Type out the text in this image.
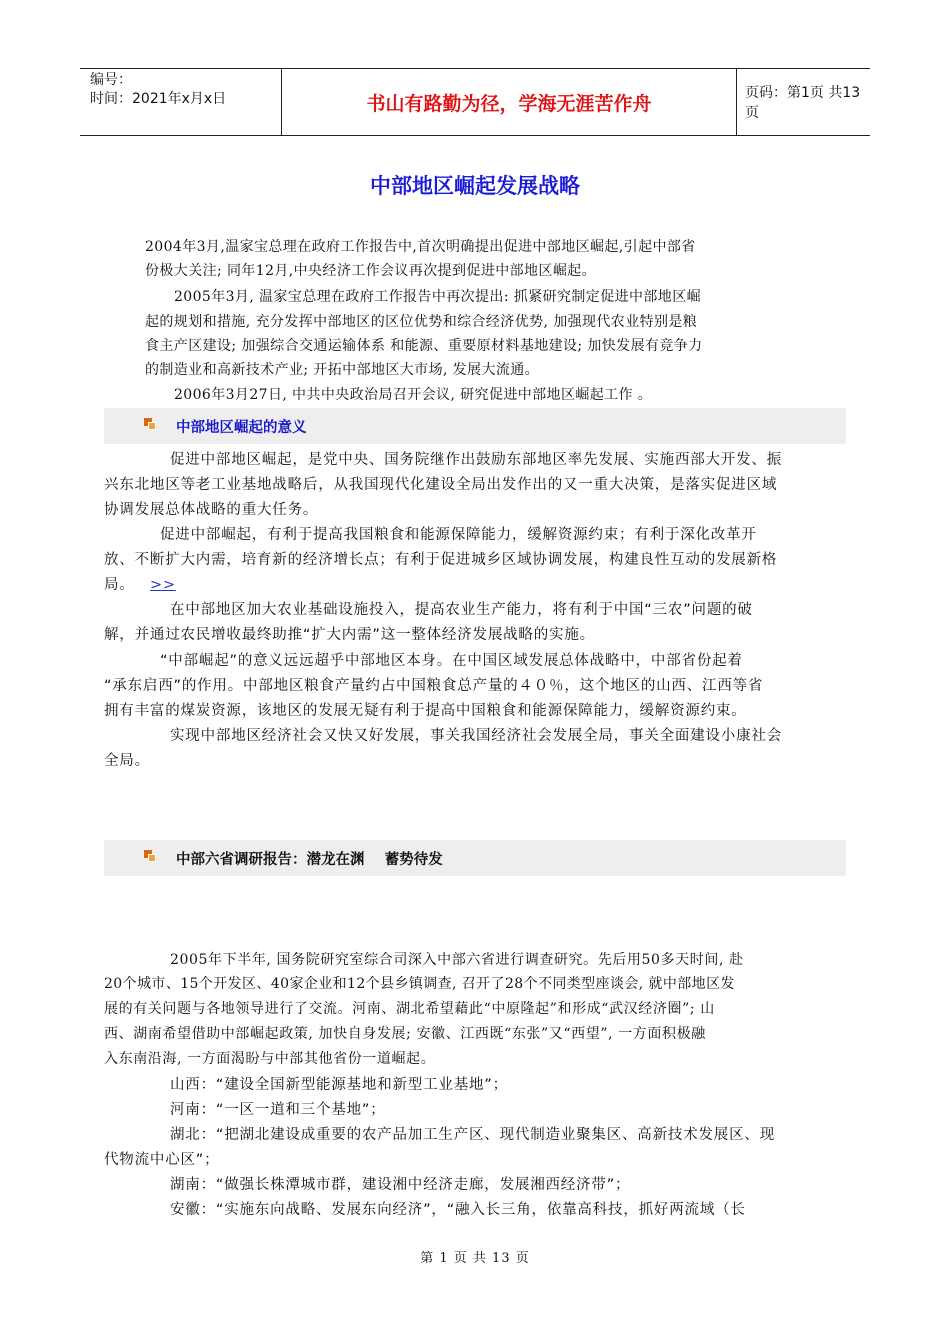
编号：
时间：2021年x月x日	书山有路勤为径，学海无涯苦作舟	页码：第1页 共13页
中部地区崛起发展战略
2004年3月,温家宝总理在政府工作报告中,首次明确提出促进中部地区崛起,引起中部省
份极大关注; 同年12月,中央经济工作会议再次提到促进中部地区崛起。
2005年3月, 温家宝总理在政府工作报告中再次提出: 抓紧研究制定促进中部地区崛
起的规划和措施, 充分发挥中部地区的区位优势和综合经济优势, 加强现代农业特别是粮
食主产区建设; 加强综合交通运输体系 和能源、重要原材料基地建设; 加快发展有竞争力
的制造业和高新技术产业; 开拓中部地区大市场, 发展大流通。
2006年3月27日, 中共中央政治局召开会议, 研究促进中部地区崛起工作 。
中部地区崛起的意义
促进中部地区崛起，是党中央、国务院继作出鼓励东部地区率先发展、实施西部大开发、振
兴东北地区等老工业基地战略后，从我国现代化建设全局出发作出的又一重大决策，是落实促进区域
协调发展总体战略的重大任务。
促进中部崛起，有利于提高我国粮食和能源保障能力，缓解资源约束；有利于深化改革开
放、不断扩大内需，培育新的经济增长点；有利于促进城乡区域协调发展，构建良性互动的发展新格
局。 >>
在中部地区加大农业基础设施投入，提高农业生产能力，将有利于中国“三农”问题的破
解，并通过农民增收最终助推“扩大内需”这一整体经济发展战略的实施。
“中部崛起”的意义远远超乎中部地区本身。在中国区域发展总体战略中，中部省份起着
“承东启西”的作用。中部地区粮食产量约占中国粮食总产量的４０％，这个地区的山西、江西等省
拥有丰富的煤炭资源，该地区的发展无疑有利于提高中国粮食和能源保障能力，缓解资源约束。
实现中部地区经济社会又快又好发展，事关我国经济社会发展全局，事关全面建设小康社会
全局。
中部六省调研报告：潜龙在渊    蓄势待发
2005年下半年, 国务院研究室综合司深入中部六省进行调查研究。先后用50多天时间, 赴
20个城市、15个开发区、40家企业和12个县乡镇调查, 召开了28个不同类型座谈会, 就中部地区发
展的有关问题与各地领导进行了交流。河南、湖北希望藉此“中原隆起”和形成“武汉经济圈”; 山
西、湖南希望借助中部崛起政策, 加快自身发展; 安徽、江西既“东张”又“西望”, 一方面积极融
入东南沿海, 一方面渴盼与中部其他省份一道崛起。
山西：“建设全国新型能源基地和新型工业基地”；
河南：“一区一道和三个基地”；
湖北：“把湖北建设成重要的农产品加工生产区、现代制造业聚集区、高新技术发展区、现
代物流中心区”；
湖南：“做强长株潭城市群，建设湘中经济走廊，发展湘西经济带”；
安徽：“实施东向战略、发展东向经济”，“融入长三角，依靠高科技，抓好两流域（长
第 1 页 共 13 页
